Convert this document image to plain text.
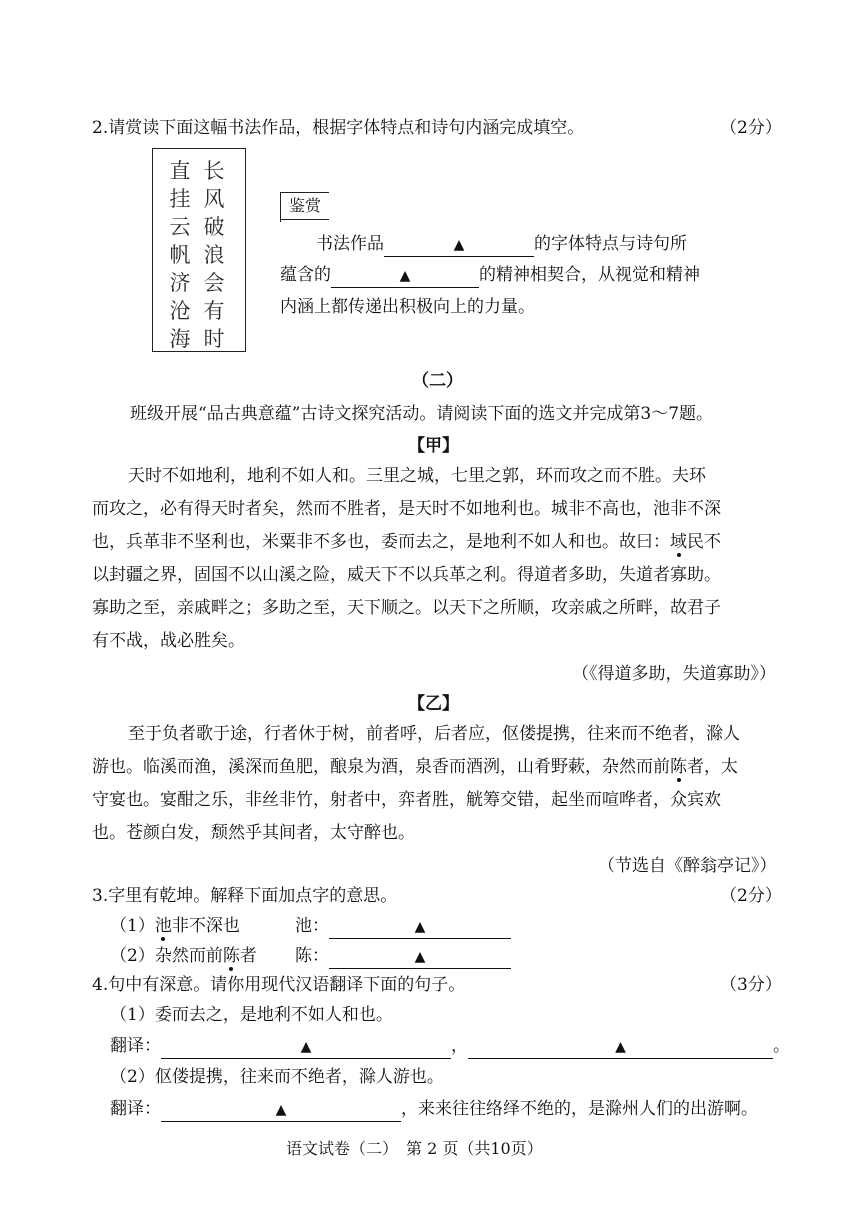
2.请赏读下面这幅书法作品，根据字体特点和诗句内涵完成填空。	（2分）
长风破浪会有时
直挂云帆济沧海
鉴赏
书法作品	▲	的字体特点与诗句所
蕴含的	▲	的精神相契合，从视觉和精神
内涵上都传递出积极向上的力量。
（二）
班级开展“品古典意蕴”古诗文探究活动。请阅读下面的选文并完成第3～7题。
【甲】
天时不如地利，地利不如人和。三里之城，七里之郭，环而攻之而不胜。夫环
而攻之，必有得天时者矣，然而不胜者，是天时不如地利也。城非不高也，池非不深
也，兵革非不坚利也，米粟非不多也，委而去之，是地利不如人和也。故曰：域民不
以封疆之界，固国不以山溪之险，威天下不以兵革之利。得道者多助，失道者寡助。
寡助之至，亲戚畔之；多助之至，天下顺之。以天下之所顺，攻亲戚之所畔，故君子
有不战，战必胜矣。
（《得道多助，失道寡助》）
【乙】
至于负者歌于途，行者休于树，前者呼，后者应，伛偻提携，往来而不绝者，滁人
游也。临溪而渔，溪深而鱼肥，酿泉为酒，泉香而酒洌，山肴野蔌，杂然而前陈者，太
守宴也。宴酣之乐，非丝非竹，射者中，弈者胜，觥筹交错，起坐而喧哗者，众宾欢
也。苍颜白发，颓然乎其间者，太守醉也。
（节选自《醉翁亭记》）
3.字里有乾坤。解释下面加点字的意思。	（2分）
（1）池非不深也	池：	▲
（2）杂然而前陈者 陈：	▲
4.句中有深意。请你用现代汉语翻译下面的句子。	（3分）
（1）委而去之，是地利不如人和也。
翻译：	▲	，	▲	。
（2）伛偻提携，往来而不绝者，滁人游也。
翻译：	▲	，来来往往络绎不绝的，是滁州人们的出游啊。
语文试卷（二）　第 2 页（共10页）
